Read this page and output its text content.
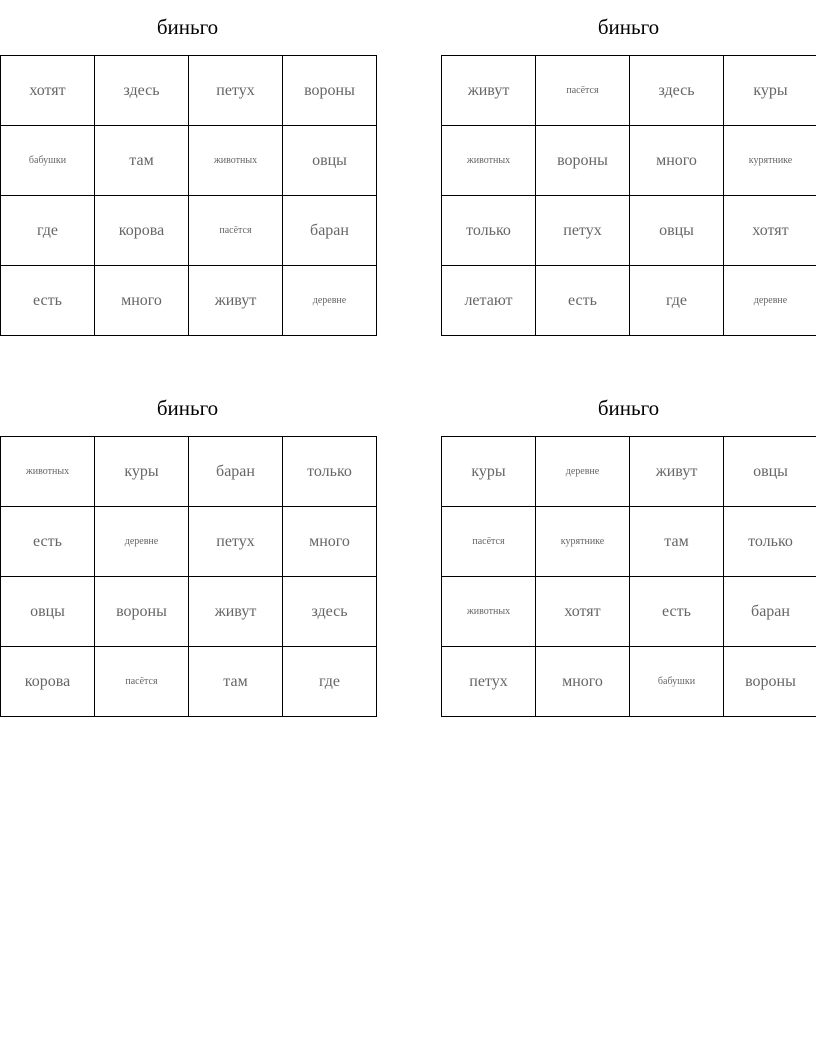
биньго
хотят	здесь	петух	вороны
бабушки	там	животных	овцы
где	корова	пасётся	баран
есть	много	живут	деревне
биньго
живут	пасётся	здесь	куры
животных	вороны	много	курятнике
только	петух	овцы	хотят
летают	есть	где	деревне
биньго
животных	куры	баран	только
есть	деревне	петух	много
овцы	вороны	живут	здесь
корова	пасётся	там	где
биньго
куры	деревне	живут	овцы
пасётся	курятнике	там	только
животных	хотят	есть	баран
петух	много	бабушки	вороны
